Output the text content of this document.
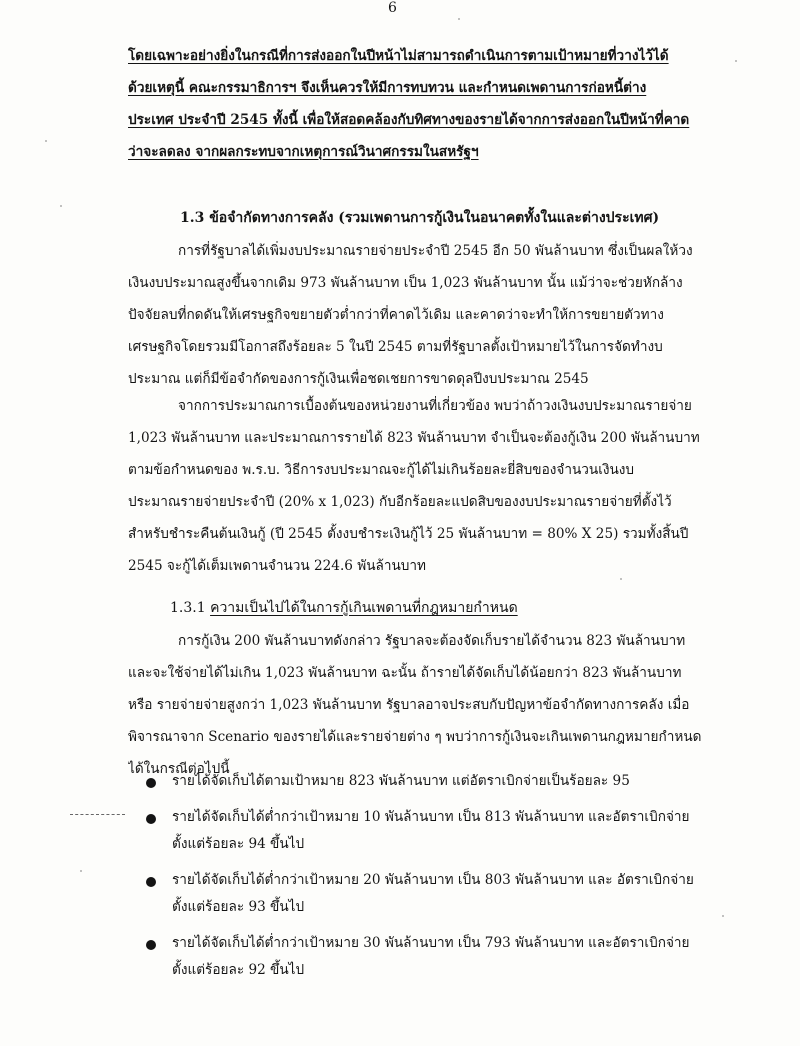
6
โดยเฉพาะอย่างยิ่งในกรณีที่การส่งออกในปีหน้าไม่สามารถดำเนินการตามเป้าหมายที่วางไว้ได้
ด้วยเหตุนี้ คณะกรรมาธิการฯ จึงเห็นควรให้มีการทบทวน และกำหนดเพดานการก่อหนี้ต่าง
ประเทศ ประจำปี 2545 ทั้งนี้ เพื่อให้สอดคล้องกับทิศทางของรายได้จากการส่งออกในปีหน้าที่คาด
ว่าจะลดลง จากผลกระทบจากเหตุการณ์วินาศกรรมในสหรัฐฯ
1.3 ข้อจำกัดทางการคลัง (รวมเพดานการกู้เงินในอนาคตทั้งในและต่างประเทศ)
การที่รัฐบาลได้เพิ่มงบประมาณรายจ่ายประจำปี 2545 อีก 50 พันล้านบาท ซึ่งเป็นผลให้วง
เงินงบประมาณสูงขึ้นจากเดิม 973 พันล้านบาท เป็น 1,023 พันล้านบาท นั้น แม้ว่าจะช่วยหักล้าง
ปัจจัยลบที่กดดันให้เศรษฐกิจขยายตัวต่ำกว่าที่คาดไว้เดิม และคาดว่าจะทำให้การขยายตัวทาง
เศรษฐกิจโดยรวมมีโอกาสถึงร้อยละ 5 ในปี 2545 ตามที่รัฐบาลตั้งเป้าหมายไว้ในการจัดทำงบ
ประมาณ แต่ก็มีข้อจำกัดของการกู้เงินเพื่อชดเชยการขาดดุลปีงบประมาณ 2545
จากการประมาณการเบื้องต้นของหน่วยงานที่เกี่ยวข้อง พบว่าถ้าวงเงินงบประมาณรายจ่าย
1,023 พันล้านบาท และประมาณการรายได้ 823 พันล้านบาท จำเป็นจะต้องกู้เงิน 200 พันล้านบาท
ตามข้อกำหนดของ พ.ร.บ. วิธีการงบประมาณจะกู้ได้ไม่เกินร้อยละยี่สิบของจำนวนเงินงบ
ประมาณรายจ่ายประจำปี (20% x 1,023) กับอีกร้อยละแปดสิบของงบประมาณรายจ่ายที่ตั้งไว้
สำหรับชำระคืนต้นเงินกู้ (ปี 2545 ตั้งงบชำระเงินกู้ไว้ 25 พันล้านบาท = 80% X 25) รวมทั้งสิ้นปี
2545 จะกู้ได้เต็มเพดานจำนวน 224.6 พันล้านบาท
1.3.1 ความเป็นไปได้ในการกู้เกินเพดานที่กฎหมายกำหนด
การกู้เงิน 200 พันล้านบาทดังกล่าว รัฐบาลจะต้องจัดเก็บรายได้จำนวน 823 พันล้านบาท
และจะใช้จ่ายได้ไม่เกิน 1,023 พันล้านบาท ฉะนั้น ถ้ารายได้จัดเก็บได้น้อยกว่า 823 พันล้านบาท
หรือ รายจ่ายจ่ายสูงกว่า 1,023 พันล้านบาท รัฐบาลอาจประสบกับปัญหาข้อจำกัดทางการคลัง เมื่อ
พิจารณาจาก Scenario ของรายได้และรายจ่ายต่าง ๆ พบว่าการกู้เงินจะเกินเพดานกฎหมายกำหนด
ได้ในกรณีต่อไปนี้
รายได้จัดเก็บได้ตามเป้าหมาย 823 พันล้านบาท แต่อัตราเบิกจ่ายเป็นร้อยละ 95
รายได้จัดเก็บได้ต่ำกว่าเป้าหมาย 10 พันล้านบาท เป็น 813 พันล้านบาท และอัตราเบิกจ่าย
ตั้งแต่ร้อยละ 94 ขึ้นไป
รายได้จัดเก็บได้ต่ำกว่าเป้าหมาย 20 พันล้านบาท เป็น 803 พันล้านบาท และ อัตราเบิกจ่าย
ตั้งแต่ร้อยละ 93 ขึ้นไป
รายได้จัดเก็บได้ต่ำกว่าเป้าหมาย 30 พันล้านบาท เป็น 793 พันล้านบาท และอัตราเบิกจ่าย
ตั้งแต่ร้อยละ 92 ขึ้นไป
